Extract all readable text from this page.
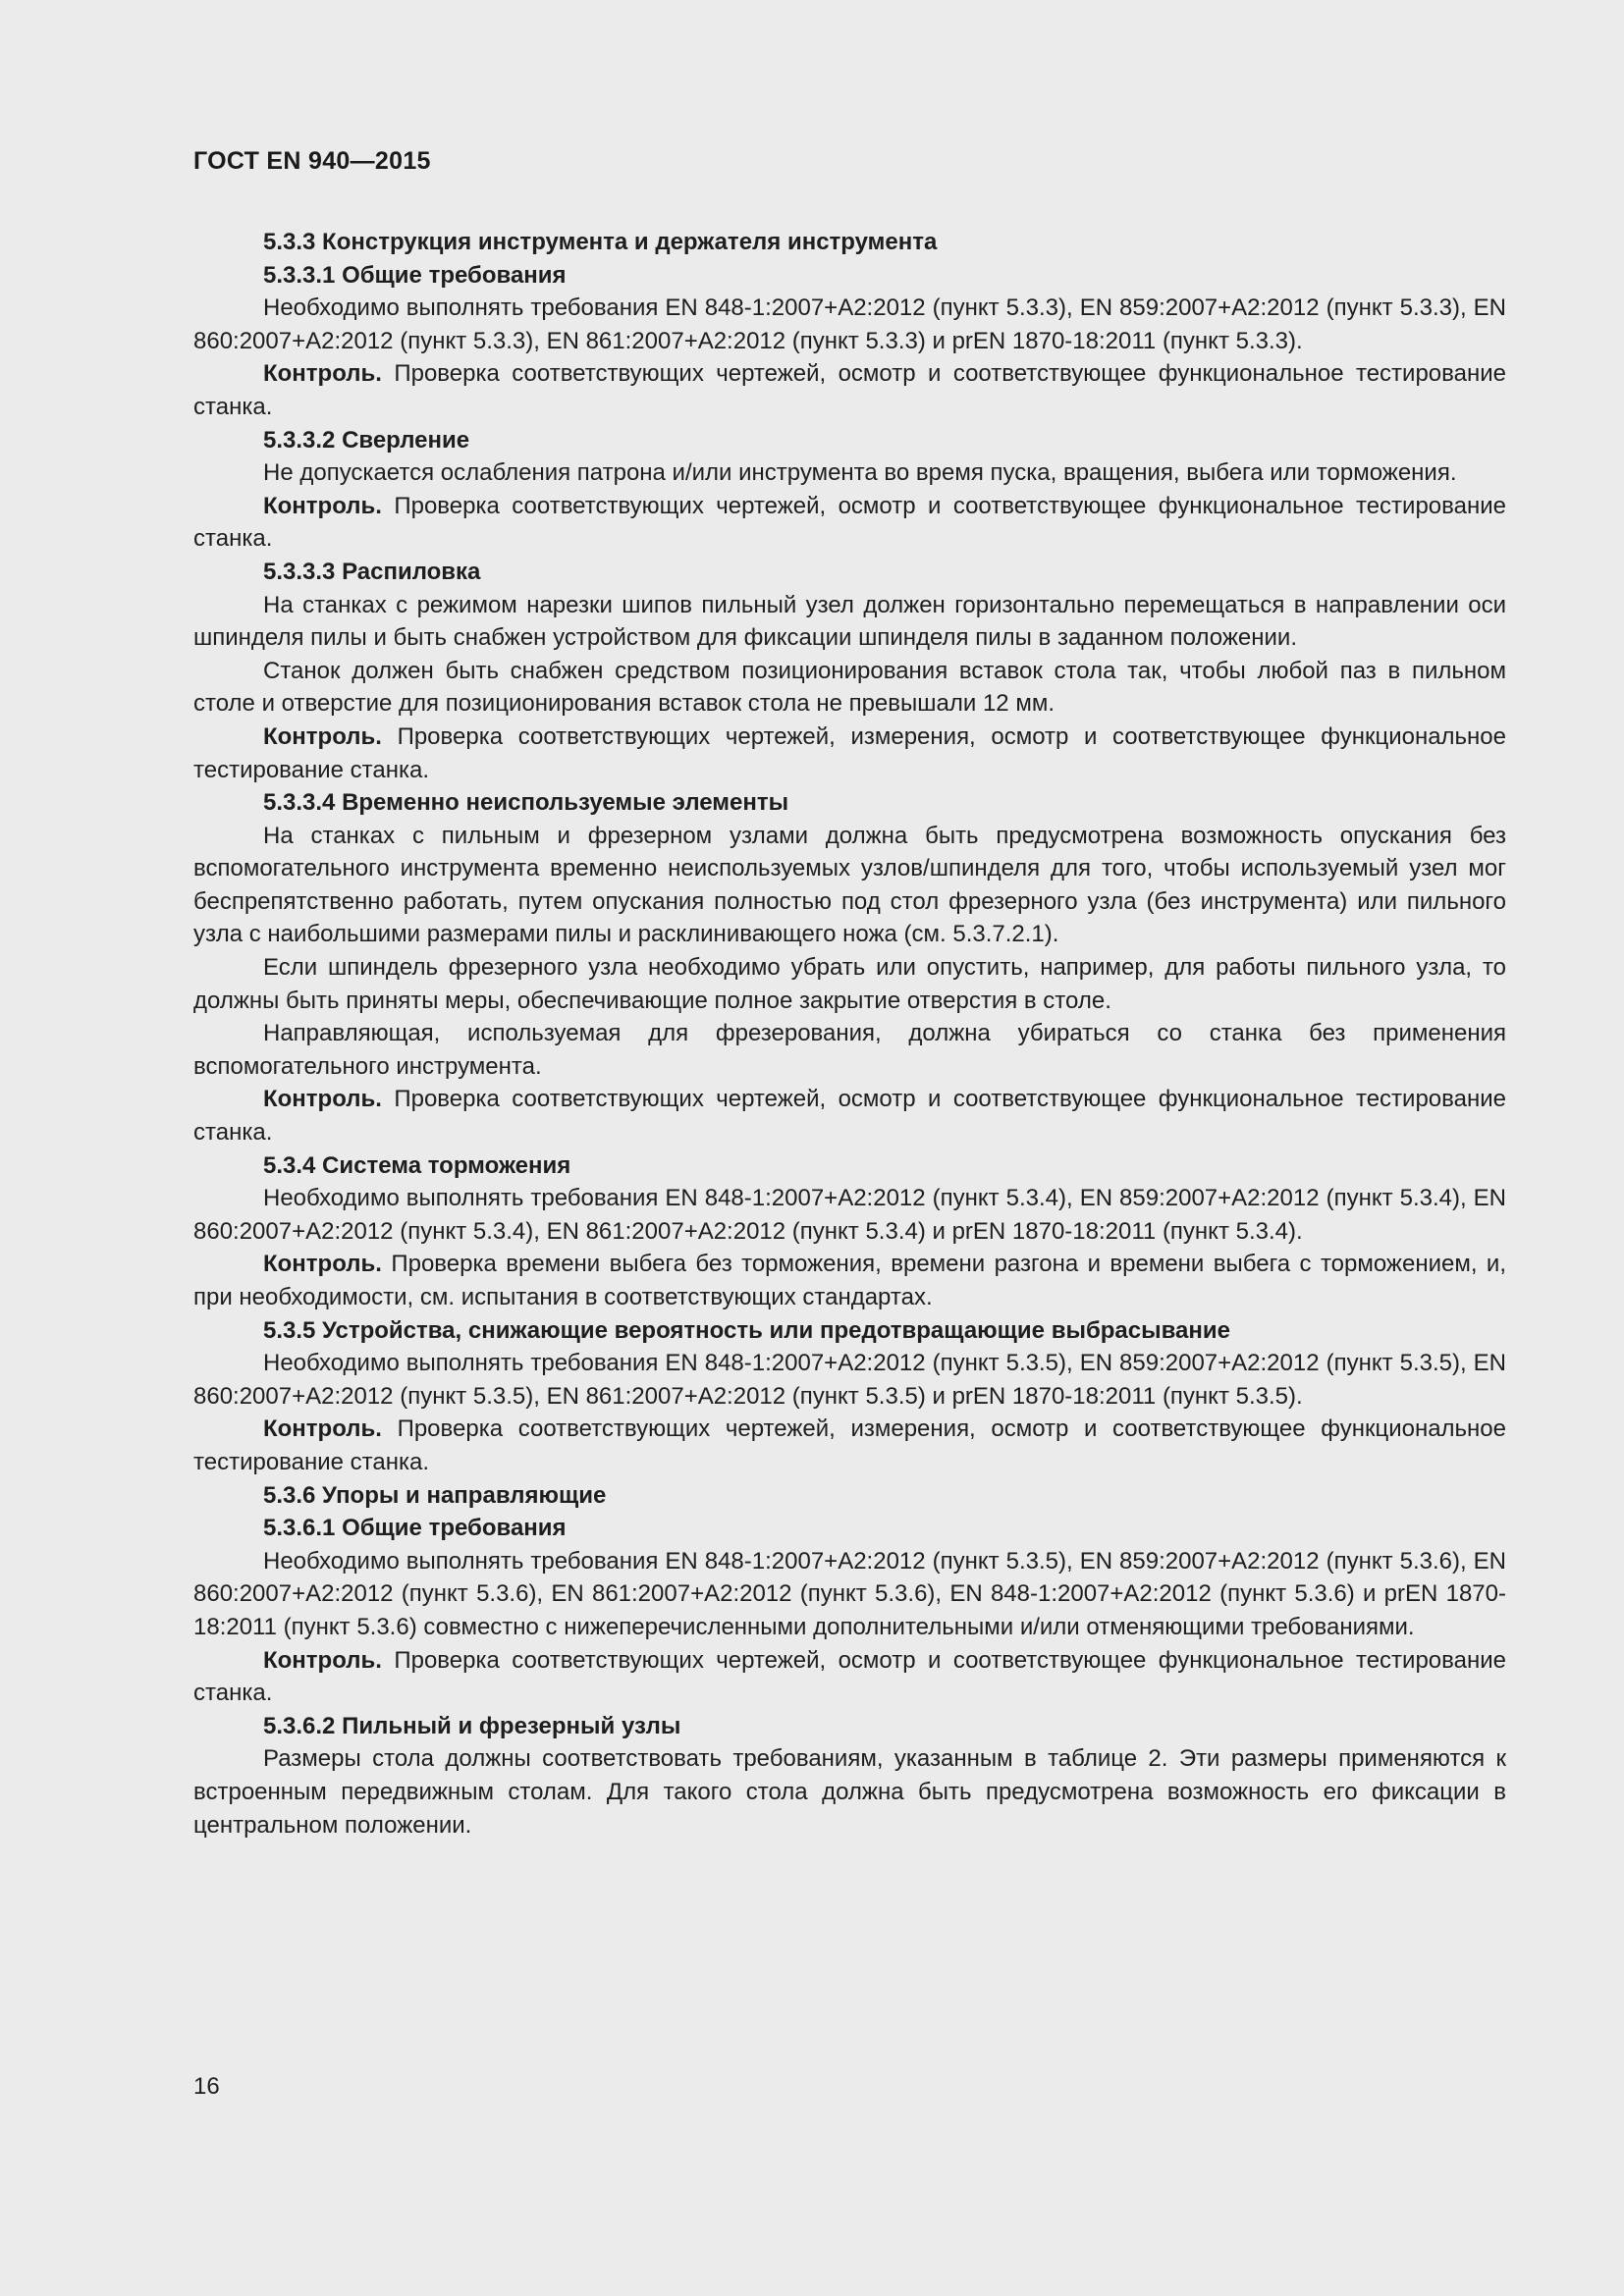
ГОСТ EN 940—2015

5.3.3 Конструкция инструмента и держателя инструмента

5.3.3.1 Общие требования

Необходимо выполнять требования EN 848-1:2007+A2:2012 (пункт 5.3.3), EN 859:2007+A2:2012 (пункт 5.3.3), EN 860:2007+A2:2012 (пункт 5.3.3), EN 861:2007+A2:2012 (пункт 5.3.3) и prEN 1870-18:2011 (пункт 5.3.3).

Контроль. Проверка соответствующих чертежей, осмотр и соответствующее функциональное тестирование станка.

5.3.3.2 Сверление

Не допускается ослабления патрона и/или инструмента во время пуска, вращения, выбега или торможения.

Контроль. Проверка соответствующих чертежей, осмотр и соответствующее функциональное тестирование станка.

5.3.3.3 Распиловка

На станках с режимом нарезки шипов пильный узел должен горизонтально перемещаться в направлении оси шпинделя пилы и быть снабжен устройством для фиксации шпинделя пилы в заданном положении.

Станок должен быть снабжен средством позиционирования вставок стола так, чтобы любой паз в пильном столе и отверстие для позиционирования вставок стола не превышали 12 мм.

Контроль. Проверка соответствующих чертежей, измерения, осмотр и соответствующее функциональное тестирование станка.

5.3.3.4 Временно неиспользуемые элементы

На станках с пильным и фрезерном узлами должна быть предусмотрена возможность опускания без вспомогательного инструмента временно неиспользуемых узлов/шпинделя для того, чтобы используемый узел мог беспрепятственно работать, путем опускания полностью под стол фрезерного узла (без инструмента) или пильного узла с наибольшими размерами пилы и расклинивающего ножа (см. 5.3.7.2.1).

Если шпиндель фрезерного узла необходимо убрать или опустить, например, для работы пильного узла, то должны быть приняты меры, обеспечивающие полное закрытие отверстия в столе.

Направляющая, используемая для фрезерования, должна убираться со станка без применения вспомогательного инструмента.

Контроль. Проверка соответствующих чертежей, осмотр и соответствующее функциональное тестирование станка.

5.3.4 Система торможения

Необходимо выполнять требования EN 848-1:2007+A2:2012 (пункт 5.3.4), EN 859:2007+A2:2012 (пункт 5.3.4), EN 860:2007+A2:2012 (пункт 5.3.4), EN 861:2007+A2:2012 (пункт 5.3.4) и prEN 1870-18:2011 (пункт 5.3.4).

Контроль. Проверка времени выбега без торможения, времени разгона и времени выбега с торможением, и, при необходимости, см. испытания в соответствующих стандартах.

5.3.5 Устройства, снижающие вероятность или предотвращающие выбрасывание

Необходимо выполнять требования EN 848-1:2007+A2:2012 (пункт 5.3.5), EN 859:2007+A2:2012 (пункт 5.3.5), EN 860:2007+A2:2012 (пункт 5.3.5), EN 861:2007+A2:2012 (пункт 5.3.5) и prEN 1870-18:2011 (пункт 5.3.5).

Контроль. Проверка соответствующих чертежей, измерения, осмотр и соответствующее функциональное тестирование станка.

5.3.6 Упоры и направляющие

5.3.6.1 Общие требования

Необходимо выполнять требования EN 848-1:2007+A2:2012 (пункт 5.3.5), EN 859:2007+A2:2012 (пункт 5.3.6), EN 860:2007+A2:2012 (пункт 5.3.6), EN 861:2007+A2:2012 (пункт 5.3.6), EN 848-1:2007+A2:2012 (пункт 5.3.6) и prEN 1870-18:2011 (пункт 5.3.6) совместно с нижеперечисленными дополнительными и/или отменяющими требованиями.

Контроль. Проверка соответствующих чертежей, осмотр и соответствующее функциональное тестирование станка.

5.3.6.2 Пильный и фрезерный узлы

Размеры стола должны соответствовать требованиям, указанным в таблице 2. Эти размеры применяются к встроенным передвижным столам. Для такого стола должна быть предусмотрена возможность его фиксации в центральном положении.

16
